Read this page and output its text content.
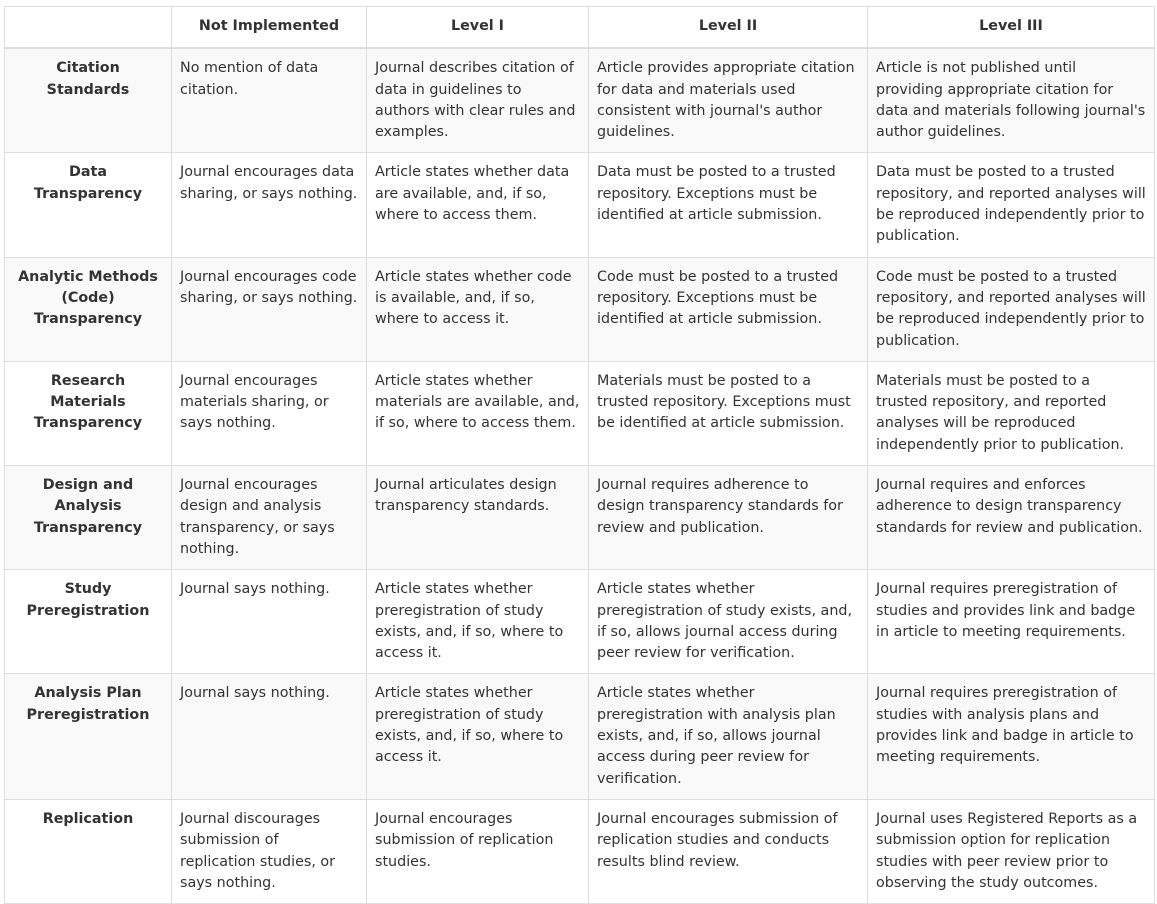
	Not Implemented	Level I	Level II	Level III
Citation Standards	No mention of data citation.	Journal describes citation of data in guidelines to authors with clear rules and examples.	Article provides appropriate citation for data and materials used consistent with journal's author guidelines.	Article is not published until providing appropriate citation for data and materials following journal's author guidelines.
Data Transparency	Journal encourages data sharing, or says nothing.	Article states whether data are available, and, if so, where to access them.	Data must be posted to a trusted repository. Exceptions must be identified at article submission.	Data must be posted to a trusted repository, and reported analyses will be reproduced independently prior to publication.
Analytic Methods (Code) Transparency	Journal encourages code sharing, or says nothing.	Article states whether code is available, and, if so, where to access it.	Code must be posted to a trusted repository. Exceptions must be identified at article submission.	Code must be posted to a trusted repository, and reported analyses will be reproduced independently prior to publication.
Research Materials Transparency	Journal encourages materials sharing, or says nothing.	Article states whether materials are available, and, if so, where to access them.	Materials must be posted to a trusted repository. Exceptions must be identified at article submission.	Materials must be posted to a trusted repository, and reported analyses will be reproduced independently prior to publication.
Design and Analysis Transparency	Journal encourages design and analysis transparency, or says nothing.	Journal articulates design transparency standards.	Journal requires adherence to design transparency standards for review and publication.	Journal requires and enforces adherence to design transparency standards for review and publication.
Study Preregistration	Journal says nothing.	Article states whether preregistration of study exists, and, if so, where to access it.	Article states whether preregistration of study exists, and, if so, allows journal access during peer review for verification.	Journal requires preregistration of studies and provides link and badge in article to meeting requirements.
Analysis Plan Preregistration	Journal says nothing.	Article states whether preregistration of study exists, and, if so, where to access it.	Article states whether preregistration with analysis plan exists, and, if so, allows journal access during peer review for verification.	Journal requires preregistration of studies with analysis plans and provides link and badge in article to meeting requirements.
Replication	Journal discourages submission of replication studies, or says nothing.	Journal encourages submission of replication studies.	Journal encourages submission of replication studies and conducts results blind review.	Journal uses Registered Reports as a submission option for replication studies with peer review prior to observing the study outcomes.
